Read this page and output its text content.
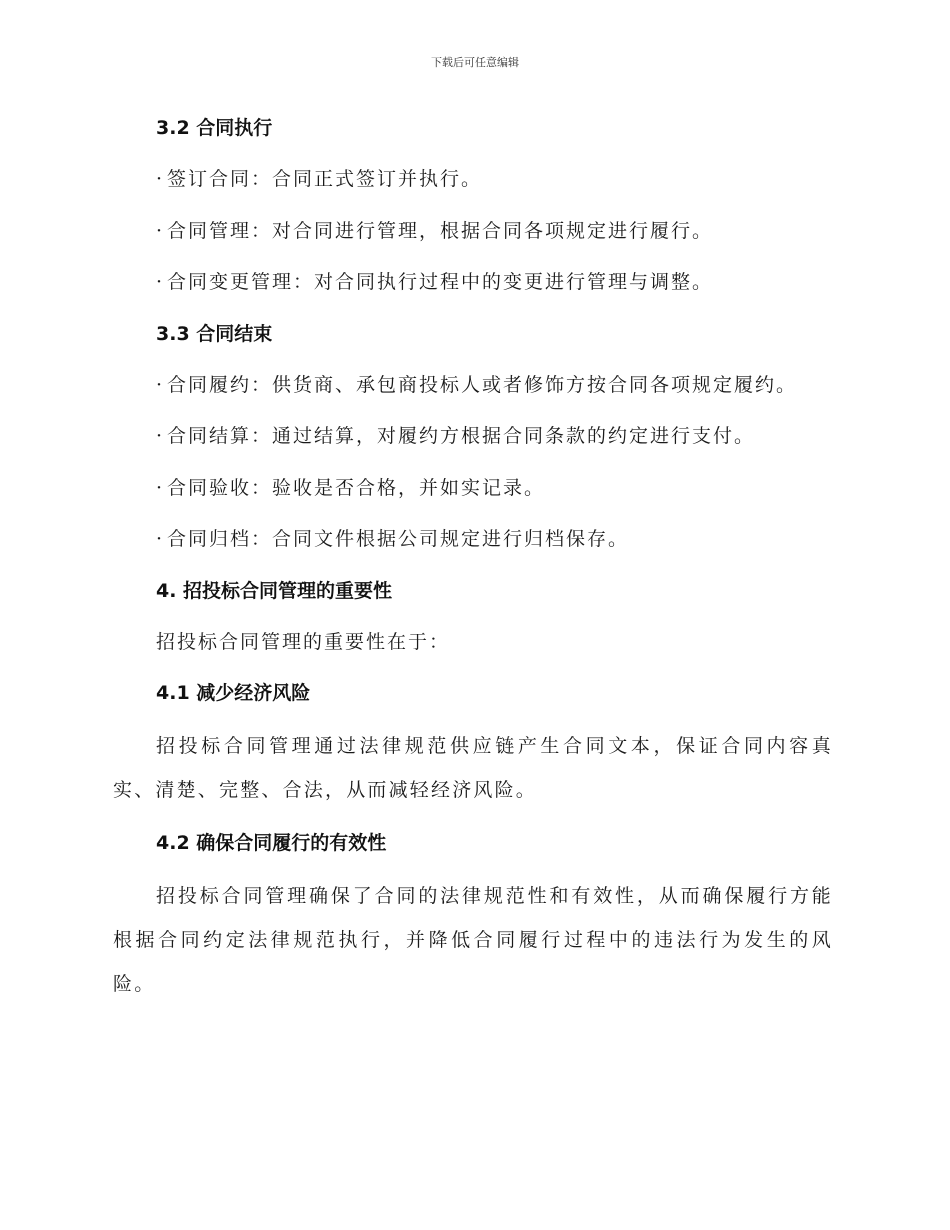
下载后可任意编辑
3.2 合同执行
· 签订合同：合同正式签订并执行。
· 合同管理：对合同进行管理，根据合同各项规定进行履行。
· 合同变更管理：对合同执行过程中的变更进行管理与调整。
3.3 合同结束
· 合同履约：供货商、承包商投标人或者修饰方按合同各项规定履约。
· 合同结算：通过结算，对履约方根据合同条款的约定进行支付。
· 合同验收：验收是否合格，并如实记录。
· 合同归档：合同文件根据公司规定进行归档保存。
4. 招投标合同管理的重要性
招投标合同管理的重要性在于：
4.1 减少经济风险

招投标合同管理通过法律规范供应链产生合同文本，保证合同内容真实、清楚、完整、合法，从而减轻经济风险。

4.2 确保合同履行的有效性

招投标合同管理确保了合同的法律规范性和有效性，从而确保履行方能根据合同约定法律规范执行，并降低合同履行过程中的违法行为发生的风险。
